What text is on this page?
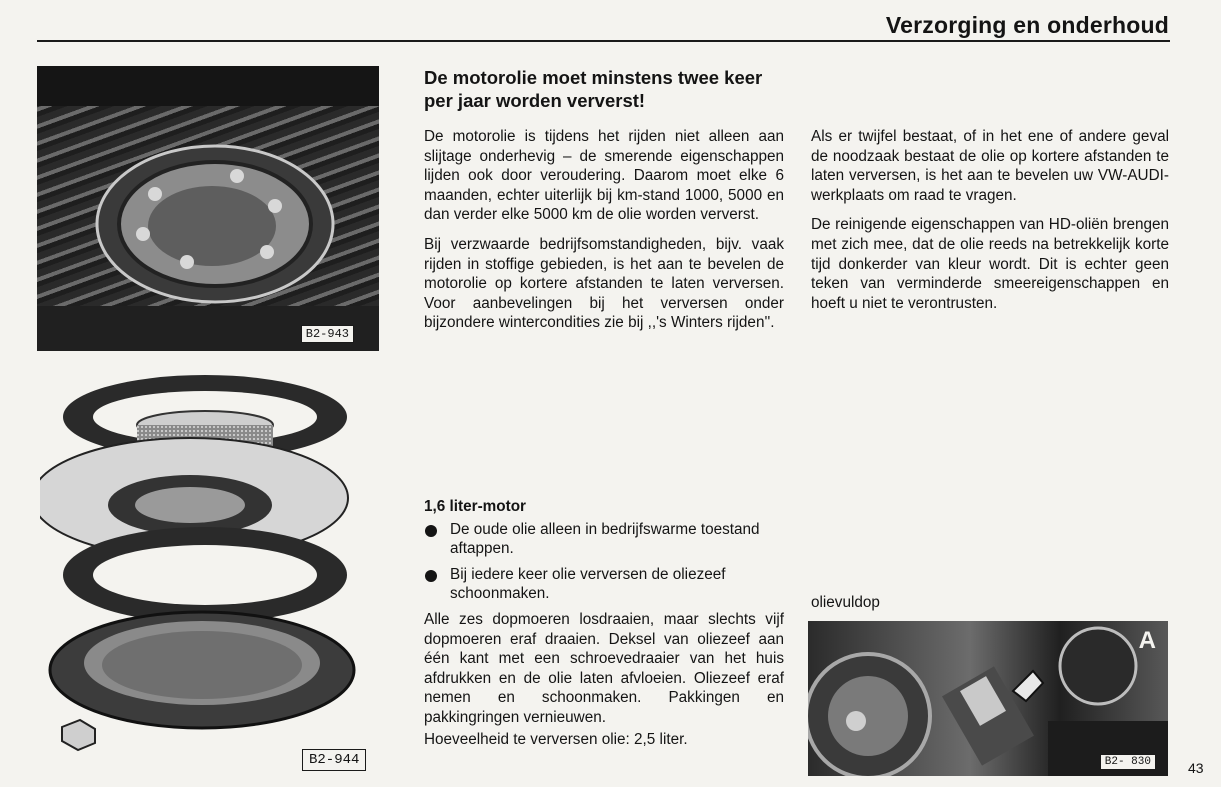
Verzorging en onderhoud
B2-943
B2-944
De motorolie moet minstens twee keer per jaar worden ververst!

De motorolie is tijdens het rijden niet alleen aan slijtage onderhevig – de smerende eigenschappen lijden ook door veroudering. Daarom moet elke 6 maanden, echter uiterlijk bij km-stand 1000, 5000 en dan verder elke 5000 km de olie worden ververst.

Bij verzwaarde bedrijfsomstandigheden, bijv. vaak rijden in stoffige gebieden, is het aan te bevelen de motorolie op kortere afstanden te laten verversen. Voor aanbevelingen bij het verversen onder bijzondere wintercondities zie bij ,,'s Winters rijden''.

Als er twijfel bestaat, of in het ene of andere geval de noodzaak bestaat de olie op kortere afstanden te laten verversen, is het aan te bevelen uw VW-AUDI-werkplaats om raad te vragen.

De reinigende eigenschappen van HD-oliën brengen met zich mee, dat de olie reeds na betrekkelijk korte tijd donkerder van kleur wordt. Dit is echter geen teken van verminderde smeereigenschappen en hoeft u niet te verontrusten.

1,6 liter-motor
De oude olie alleen in bedrijfswarme toestand aftappen.
Bij iedere keer olie verversen de oliezeef schoonmaken.
Alle zes dopmoeren losdraaien, maar slechts vijf dopmoeren eraf draaien. Deksel van oliezeef aan één kant met een schroevedraaier van het huis afdrukken en de olie laten afvloeien. Oliezeef eraf nemen en schoonmaken. Pakkingen en pakkingringen vernieuwen.
Hoeveelheid te verversen olie: 2,5 liter.
olievuldop
A
B2- 830	43
